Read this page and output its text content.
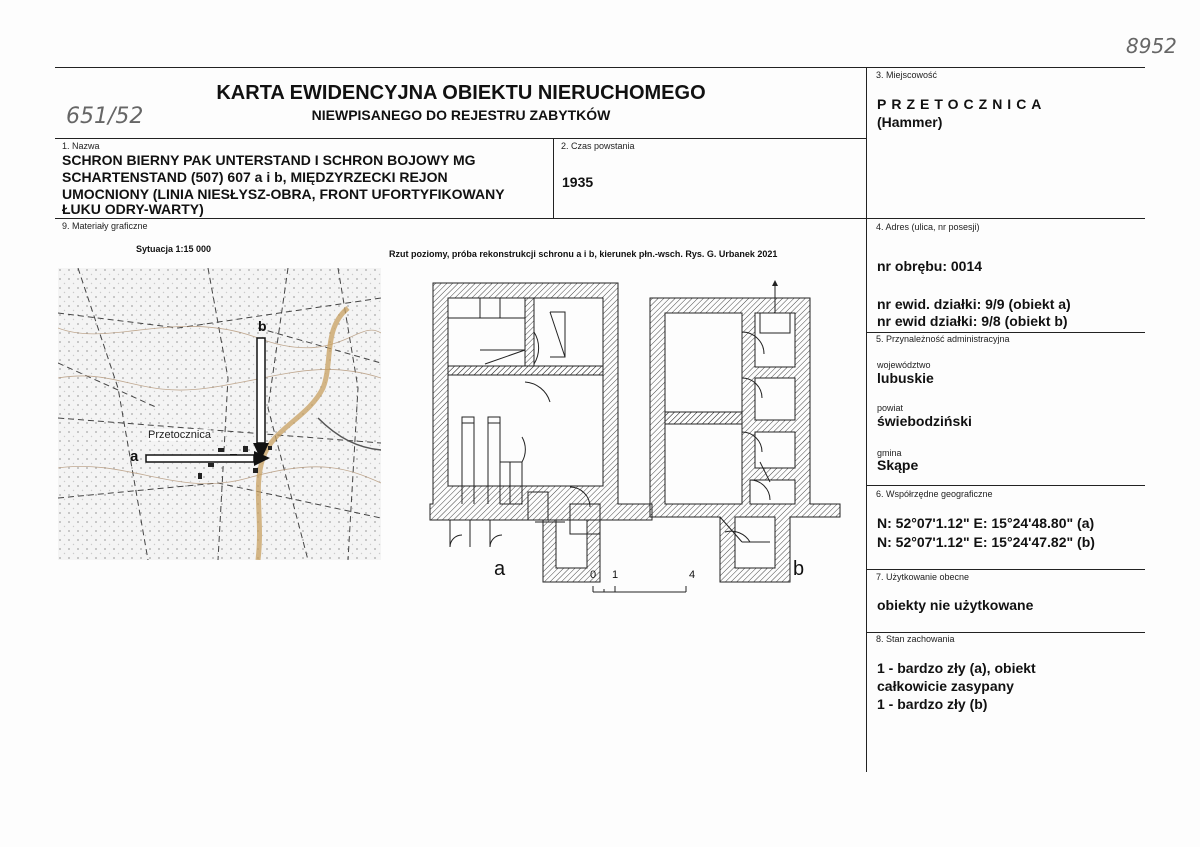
8952
651/52
KARTA EWIDENCYJNA OBIEKTU NIERUCHOMEGO
NIEWPISANEGO DO REJESTRU ZABYTKÓW
1. Nazwa
SCHRON BIERNY PAK UNTERSTAND I SCHRON BOJOWY MG
SCHARTENSTAND (507) 607 a i b, MIĘDZYRZECKI REJON
UMOCNIONY (LINIA NIESŁYSZ-OBRA, FRONT UFORTYFIKOWANY
ŁUKU ODRY-WARTY)
2. Czas powstania
1935
3. Miejscowość
PRZETOCZNICA
(Hammer)
4. Adres (ulica, nr posesji)
nr obrębu: 0014
nr ewid. działki: 9/9 (obiekt a)
nr ewid działki: 9/8 (obiekt b)
5. Przynależność administracyjna
województwo
lubuskie
powiat
świebodziński
gmina
Skąpe
6. Współrzędne geograficzne
N: 52°07'1.12" E: 15°24'48.80" (a)
N: 52°07'1.12" E: 15°24'47.82" (b)
7. Użytkowanie obecne
obiekty nie użytkowane
8. Stan zachowania
1 - bardzo zły (a), obiekt
całkowicie zasypany
1 - bardzo zły (b)
9. Materiały graficzne
Sytuacja 1:15 000	Rzut poziomy, próba rekonstrukcji schronu a i b, kierunek płn.-wsch. Rys. G. Urbanek 2021
Przetocznica
b
a
a	b
0 1	4
